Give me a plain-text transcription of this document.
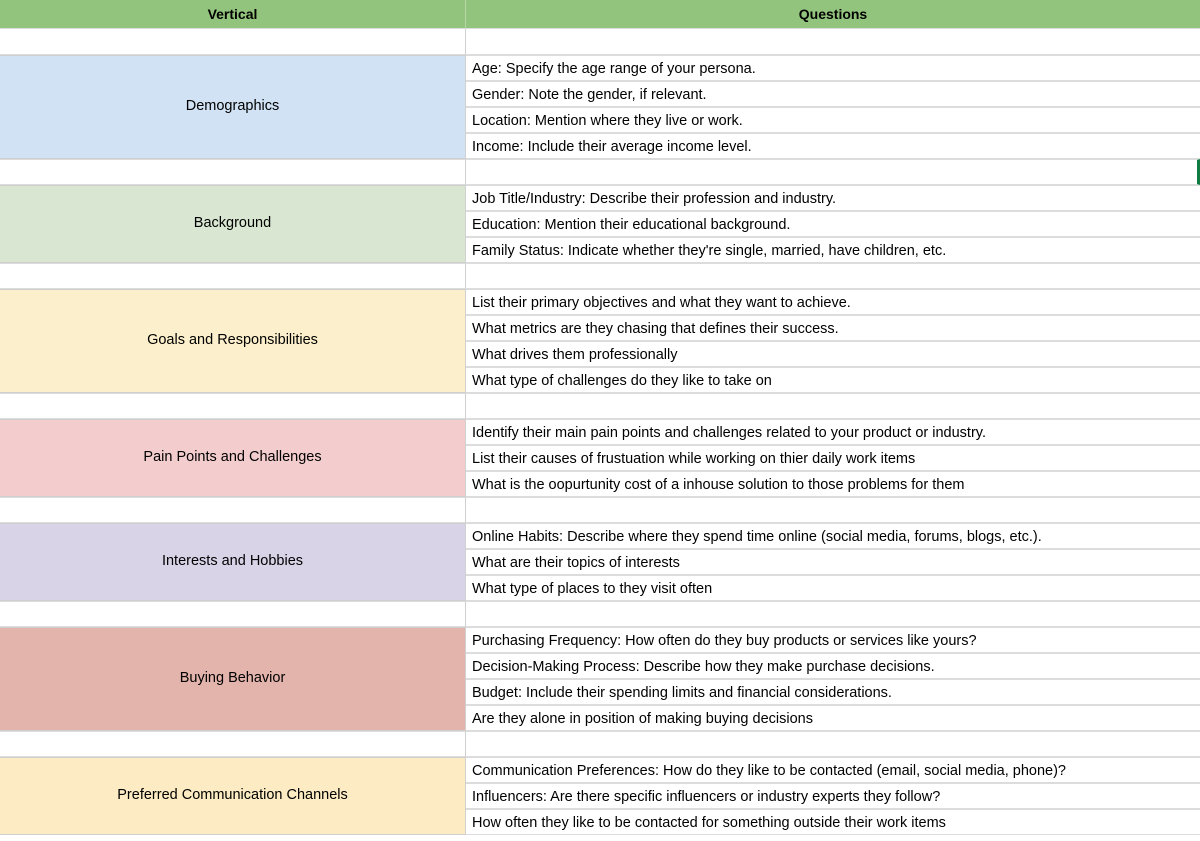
Vertical	Questions
Demographics
Age: Specify the age range of your persona.
Gender: Note the gender, if relevant.
Location: Mention where they live or work.
Income: Include their average income level.
Background
Job Title/Industry: Describe their profession and industry.
Education: Mention their educational background.
Family Status: Indicate whether they're single, married, have children, etc.
Goals and Responsibilities
List their primary objectives and what they want to achieve.
What metrics are they chasing that defines their success.
What drives them professionally
What type of challenges do they like to take on
Pain Points and Challenges
Identify their main pain points and challenges related to your product or industry.
List their causes of frustuation while working on thier daily work items
What is the oopurtunity cost of a inhouse solution to those problems for them
Interests and Hobbies
Online Habits: Describe where they spend time online (social media, forums, blogs, etc.).
What are their topics of interests
What type of places to they visit often
Buying Behavior
Purchasing Frequency: How often do they buy products or services like yours?
Decision-Making Process: Describe how they make purchase decisions.
Budget: Include their spending limits and financial considerations.
Are they alone in position of making buying decisions
Preferred Communication Channels
Communication Preferences: How do they like to be contacted (email, social media, phone)?
Influencers: Are there specific influencers or industry experts they follow?
How often they like to be contacted for something outside their work items
